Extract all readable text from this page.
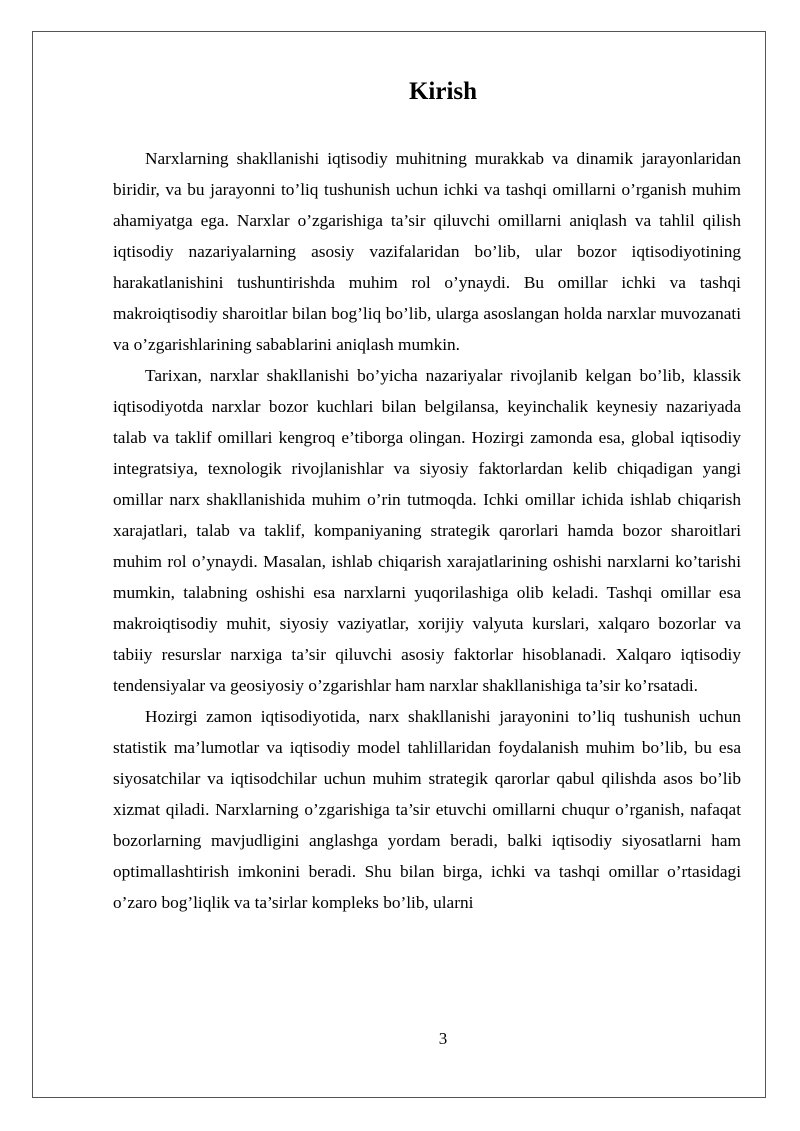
Kirish

Narxlarning shakllanishi iqtisodiy muhitning murakkab va dinamik jarayonlaridan biridir, va bu jarayonni to’liq tushunish uchun ichki va tashqi omillarni o’rganish muhim ahamiyatga ega. Narxlar o’zgarishiga ta’sir qiluvchi omillarni aniqlash va tahlil qilish iqtisodiy nazariyalarning asosiy vazifalaridan bo’lib, ular bozor iqtisodiyotining harakatlanishini tushuntirishda muhim rol o’ynaydi. Bu omillar ichki va tashqi makroiqtisodiy sharoitlar bilan bog’liq bo’lib, ularga asoslangan holda narxlar muvozanati va o’zgarishlarining sabablarini aniqlash mumkin.

Tarixan, narxlar shakllanishi bo’yicha nazariyalar rivojlanib kelgan bo’lib, klassik iqtisodiyotda narxlar bozor kuchlari bilan belgilansa, keyinchalik keynesiy nazariyada talab va taklif omillari kengroq e’tiborga olingan. Hozirgi zamonda esa, global iqtisodiy integratsiya, texnologik rivojlanishlar va siyosiy faktorlardan kelib chiqadigan yangi omillar narx shakllanishida muhim o’rin tutmoqda. Ichki omillar ichida ishlab chiqarish xarajatlari, talab va taklif, kompaniyaning strategik qarorlari hamda bozor sharoitlari muhim rol o’ynaydi. Masalan, ishlab chiqarish xarajatlarining oshishi narxlarni ko’tarishi mumkin, talabning oshishi esa narxlarni yuqorilashiga olib keladi. Tashqi omillar esa makroiqtisodiy muhit, siyosiy vaziyatlar, xorijiy valyuta kurslari, xalqaro bozorlar va tabiiy resurslar narxiga ta’sir qiluvchi asosiy faktorlar hisoblanadi. Xalqaro iqtisodiy tendensiyalar va geosiyosiy o’zgarishlar ham narxlar shakllanishiga ta’sir ko’rsatadi.

Hozirgi zamon iqtisodiyotida, narx shakllanishi jarayonini to’liq tushunish uchun statistik ma’lumotlar va iqtisodiy model tahlillaridan foydalanish muhim bo’lib, bu esa siyosatchilar va iqtisodchilar uchun muhim strategik qarorlar qabul qilishda asos bo’lib xizmat qiladi. Narxlarning o’zgarishiga ta’sir etuvchi omillarni chuqur o’rganish, nafaqat bozorlarning mavjudligini anglashga yordam beradi, balki iqtisodiy siyosatlarni ham optimallashtirish imkonini beradi. Shu bilan birga, ichki va tashqi omillar o’rtasidagi o’zaro bog’liqlik va ta’sirlar kompleks bo’lib, ularni

3
